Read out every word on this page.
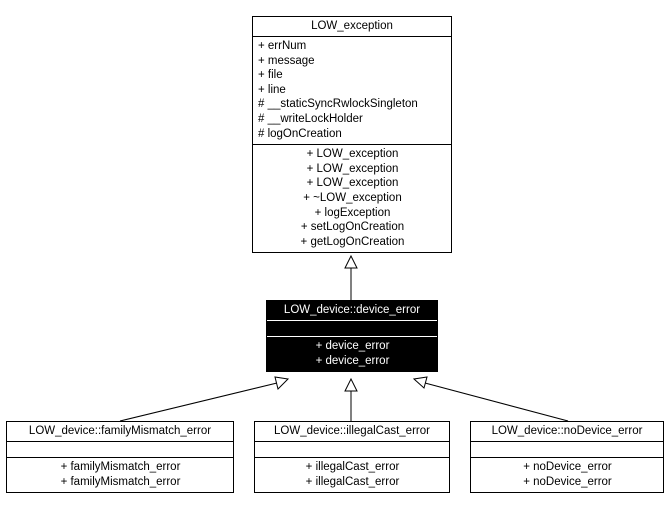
LOW_exception
+ errNum
+ message
+ file
+ line
# __staticSyncRwlockSingleton
# __writeLockHolder
# logOnCreation
+ LOW_exception
+ LOW_exception
+ LOW_exception
+ ~LOW_exception
+ logException
+ setLogOnCreation
+ getLogOnCreation
LOW_device::device_error
+ device_error
+ device_error
LOW_device::familyMismatch_error
+ familyMismatch_error
+ familyMismatch_error
LOW_device::illegalCast_error
+ illegalCast_error
+ illegalCast_error
LOW_device::noDevice_error
+ noDevice_error
+ noDevice_error
